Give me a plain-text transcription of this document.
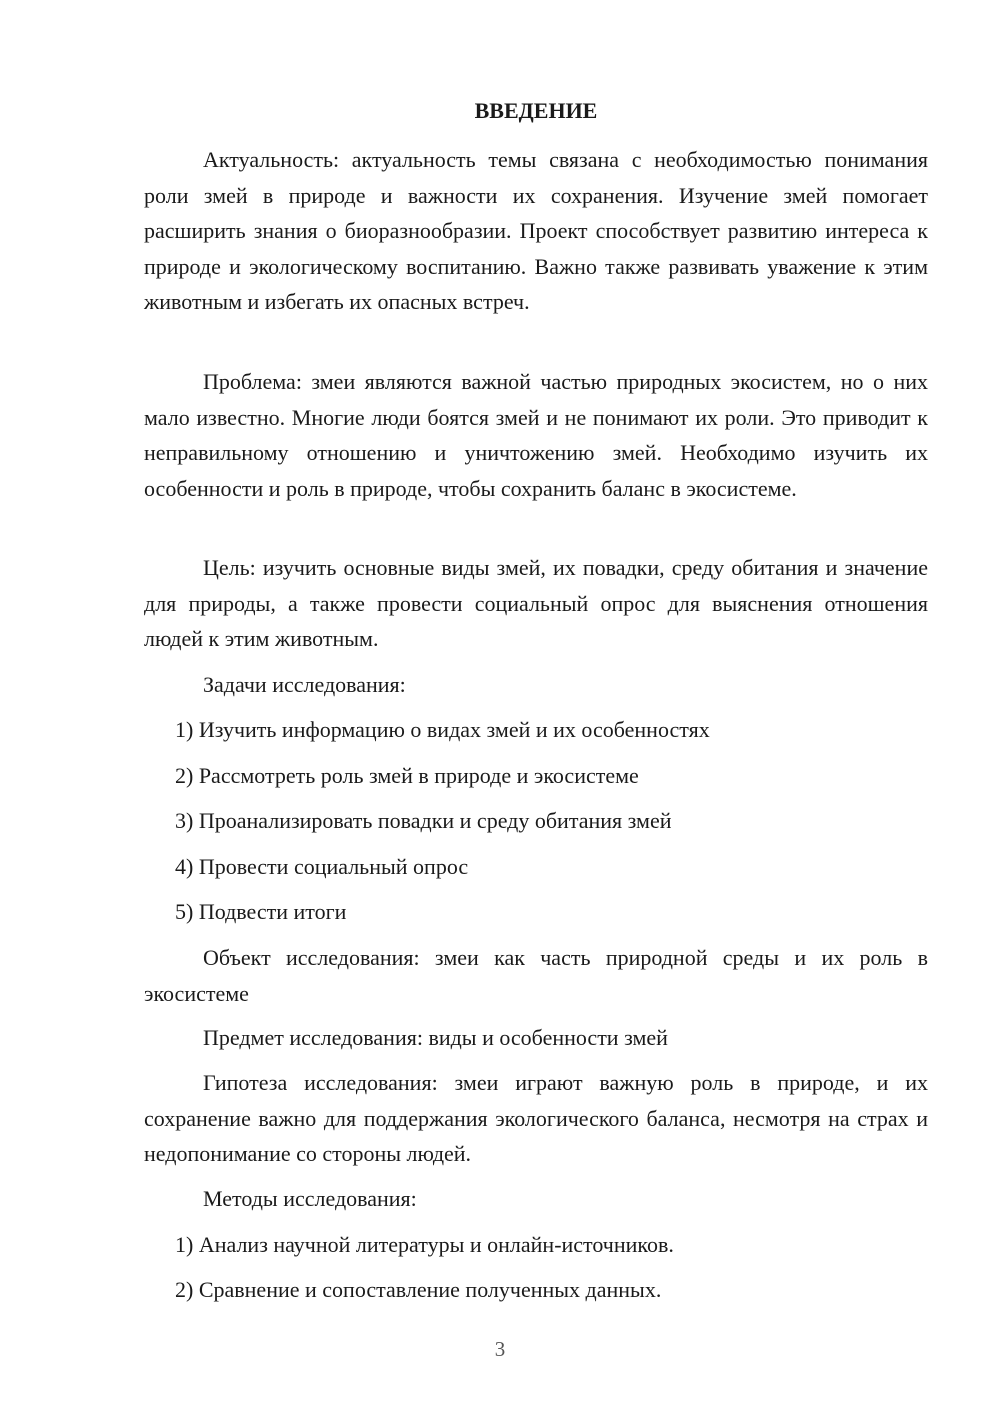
ВВЕДЕНИЕ

Актуальность: актуальность темы связана с необходимостью понимания роли змей в природе и важности их сохранения. Изучение змей помогает расширить знания о биоразнообразии. Проект способствует развитию интереса к природе и экологическому воспитанию. Важно также развивать уважение к этим животным и избегать их опасных встреч.

Проблема: змеи являются важной частью природных экосистем, но о них мало известно. Многие люди боятся змей и не понимают их роли. Это приводит к неправильному отношению и уничтожению змей. Необходимо изучить их особенности и роль в природе, чтобы сохранить баланс в экосистеме.

Цель: изучить основные виды змей, их повадки, среду обитания и значение для природы, а также провести социальный опрос для выяснения отношения людей к этим животным.

Задачи исследования:
1) Изучить информацию о видах змей и их особенностях
2) Рассмотреть роль змей в природе и экосистеме
3) Проанализировать повадки и среду обитания змей
4) Провести социальный опрос
5) Подвести итоги

Объект исследования: змеи как часть природной среды и их роль в экосистеме

Предмет исследования: виды и особенности змей

Гипотеза исследования: змеи играют важную роль в природе, и их сохранение важно для поддержания экологического баланса, несмотря на страх и недопонимание со стороны людей.

Методы исследования:
1) Анализ научной литературы и онлайн-источников.
2) Сравнение и сопоставление полученных данных.
3
